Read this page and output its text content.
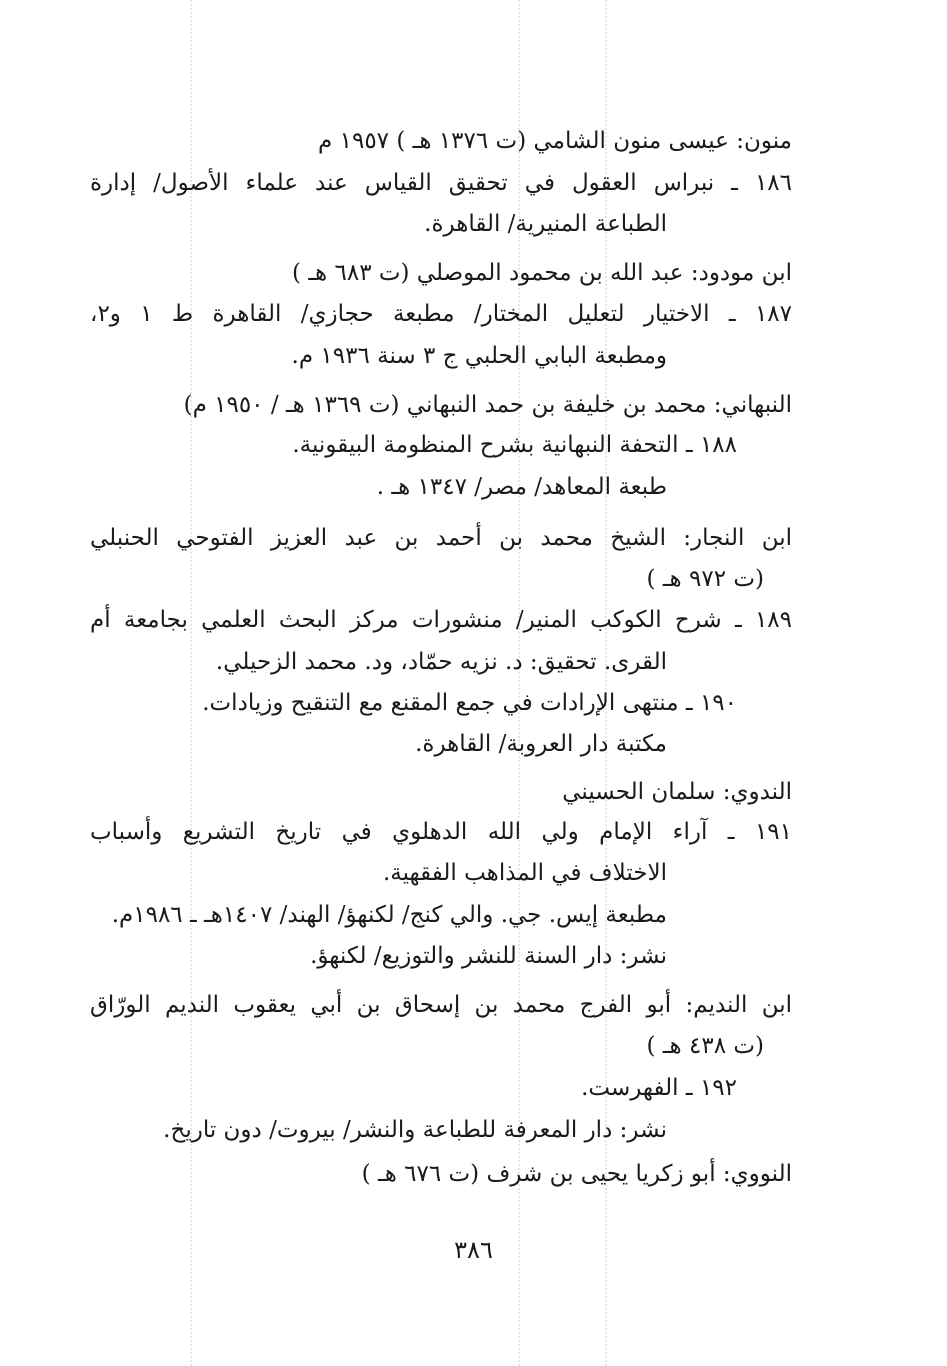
منون: عيسى منون الشامي (ت ١٣٧٦ هـ ) ١٩٥٧ م
١٨٦ ـ نبراس العقول في تحقيق القياس عند علماء الأصول/ إدارة
الطباعة المنيرية/ القاهرة.
ابن مودود: عبد الله بن محمود الموصلي (ت ٦٨٣ هـ )
١٨٧ ـ الاختيار لتعليل المختار/ مطبعة حجازي/ القاهرة ط ١ و٢،
ومطبعة البابي الحلبي ج ٣ سنة ١٩٣٦ م.
النبهاني: محمد بن خليفة بن حمد النبهاني (ت ١٣٦٩ هـ / ١٩٥٠ م)
١٨٨ ـ التحفة النبهانية بشرح المنظومة البيقونية.
طبعة المعاهد/ مصر/ ١٣٤٧ هـ .
ابن النجار: الشيخ محمد بن أحمد بن عبد العزيز الفتوحي الحنبلي
(ت ٩٧٢ هـ )
١٨٩ ـ شرح الكوكب المنير/ منشورات مركز البحث العلمي بجامعة أم
القرى. تحقيق: د. نزيه حمّاد، ود. محمد الزحيلي.
١٩٠ ـ منتهى الإرادات في جمع المقنع مع التنقيح وزيادات.
مكتبة دار العروبة/ القاهرة.
الندوي: سلمان الحسيني
١٩١ ـ آراء الإمام ولي الله الدهلوي في تاريخ التشريع وأسباب
الاختلاف في المذاهب الفقهية.
مطبعة إيس. جي. والي كنج/ لكنهؤ/ الهند/ ١٤٠٧هـ ـ ١٩٨٦م.
نشر: دار السنة للنشر والتوزيع/ لكنهؤ.
ابن النديم: أبو الفرج محمد بن إسحاق بن أبي يعقوب النديم الورّاق
(ت ٤٣٨ هـ )
١٩٢ ـ الفهرست.
نشر: دار المعرفة للطباعة والنشر/ بيروت/ دون تاريخ.
النووي: أبو زكريا يحيى بن شرف (ت ٦٧٦ هـ )
٣٨٦
